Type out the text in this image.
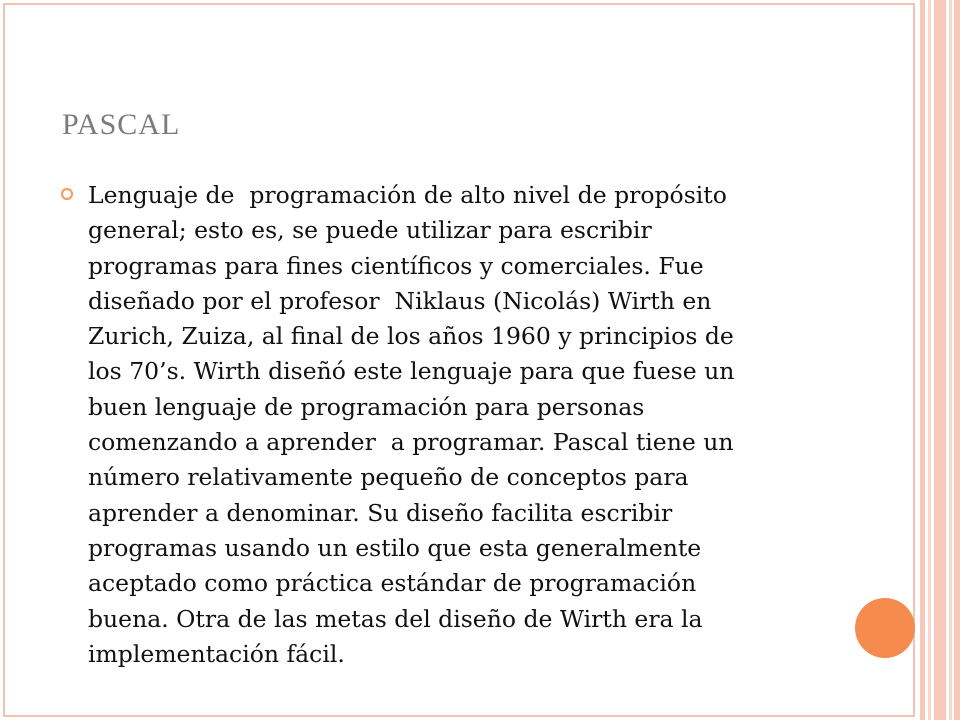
PASCAL

Lenguaje de  programación de alto nivel de propósito
general; esto es, se puede utilizar para escribir
programas para fines científicos y comerciales. Fue
diseñado por el profesor  Niklaus (Nicolás) Wirth en
Zurich, Zuiza, al final de los años 1960 y principios de
los 70’s. Wirth diseñó este lenguaje para que fuese un
buen lenguaje de programación para personas
comenzando a aprender  a programar. Pascal tiene un
número relativamente pequeño de conceptos para
aprender a denominar. Su diseño facilita escribir
programas usando un estilo que esta generalmente
aceptado como práctica estándar de programación
buena. Otra de las metas del diseño de Wirth era la
implementación fácil.
